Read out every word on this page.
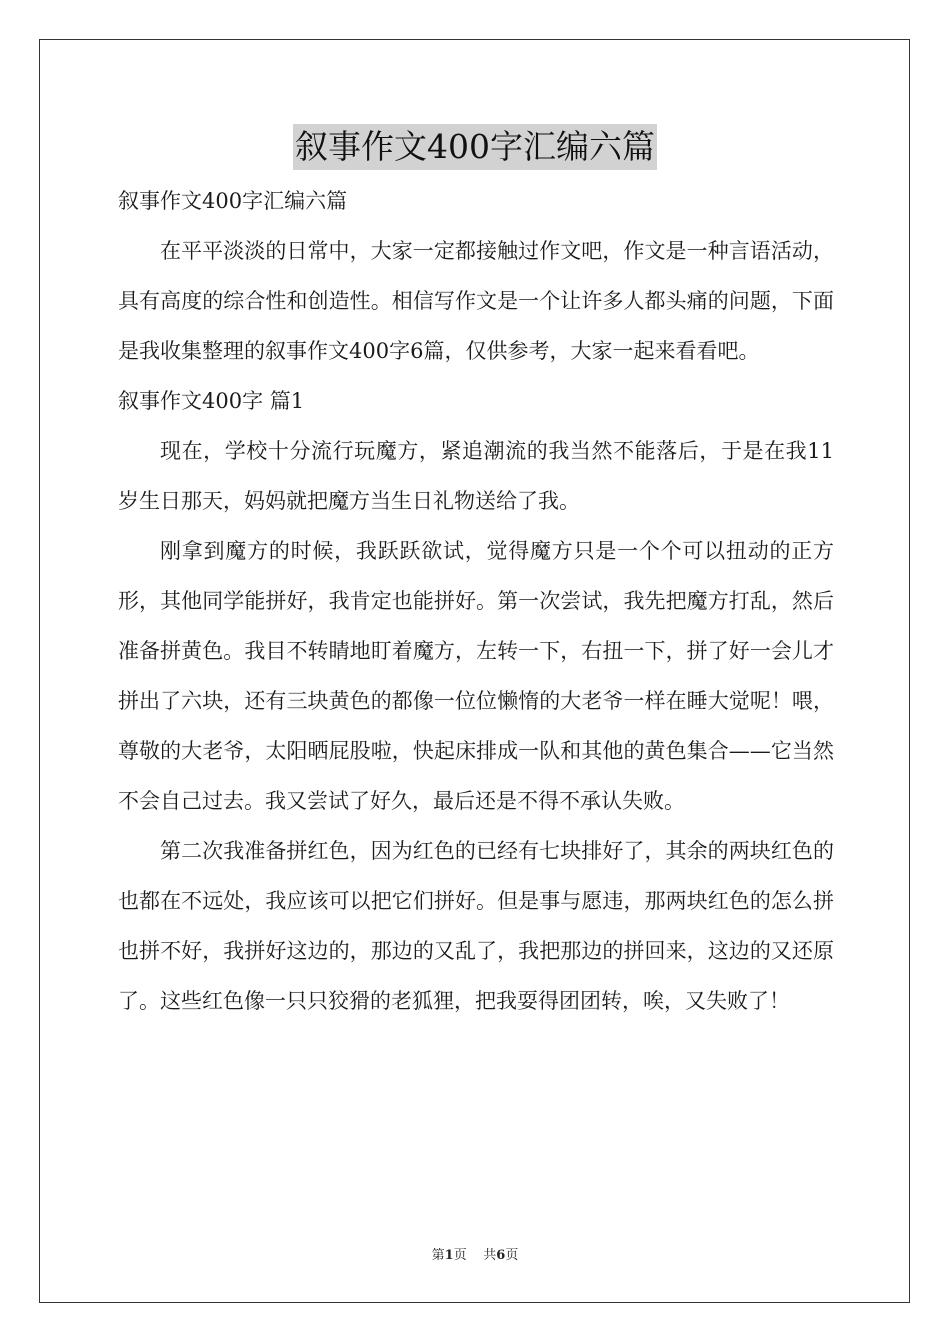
叙事作文400字汇编六篇

叙事作文400字汇编六篇

在平平淡淡的日常中，大家一定都接触过作文吧，作文是一种言语活动，具有高度的综合性和创造性。相信写作文是一个让许多人都头痛的问题，下面是我收集整理的叙事作文400字6篇，仅供参考，大家一起来看看吧。

叙事作文400字 篇1

现在，学校十分流行玩魔方，紧追潮流的我当然不能落后，于是在我11岁生日那天，妈妈就把魔方当生日礼物送给了我。

刚拿到魔方的时候，我跃跃欲试，觉得魔方只是一个个可以扭动的正方形，其他同学能拼好，我肯定也能拼好。第一次尝试，我先把魔方打乱，然后准备拼黄色。我目不转睛地盯着魔方，左转一下，右扭一下，拼了好一会儿才拼出了六块，还有三块黄色的都像一位位懒惰的大老爷一样在睡大觉呢！喂，尊敬的大老爷，太阳晒屁股啦，快起床排成一队和其他的黄色集合——它当然不会自己过去。我又尝试了好久，最后还是不得不承认失败。

第二次我准备拼红色，因为红色的已经有七块排好了，其余的两块红色的也都在不远处，我应该可以把它们拼好。但是事与愿违，那两块红色的怎么拼也拼不好，我拼好这边的，那边的又乱了，我把那边的拼回来，这边的又还原了。这些红色像一只只狡猾的老狐狸，把我耍得团团转，唉，又失败了！

第1页 共6页
